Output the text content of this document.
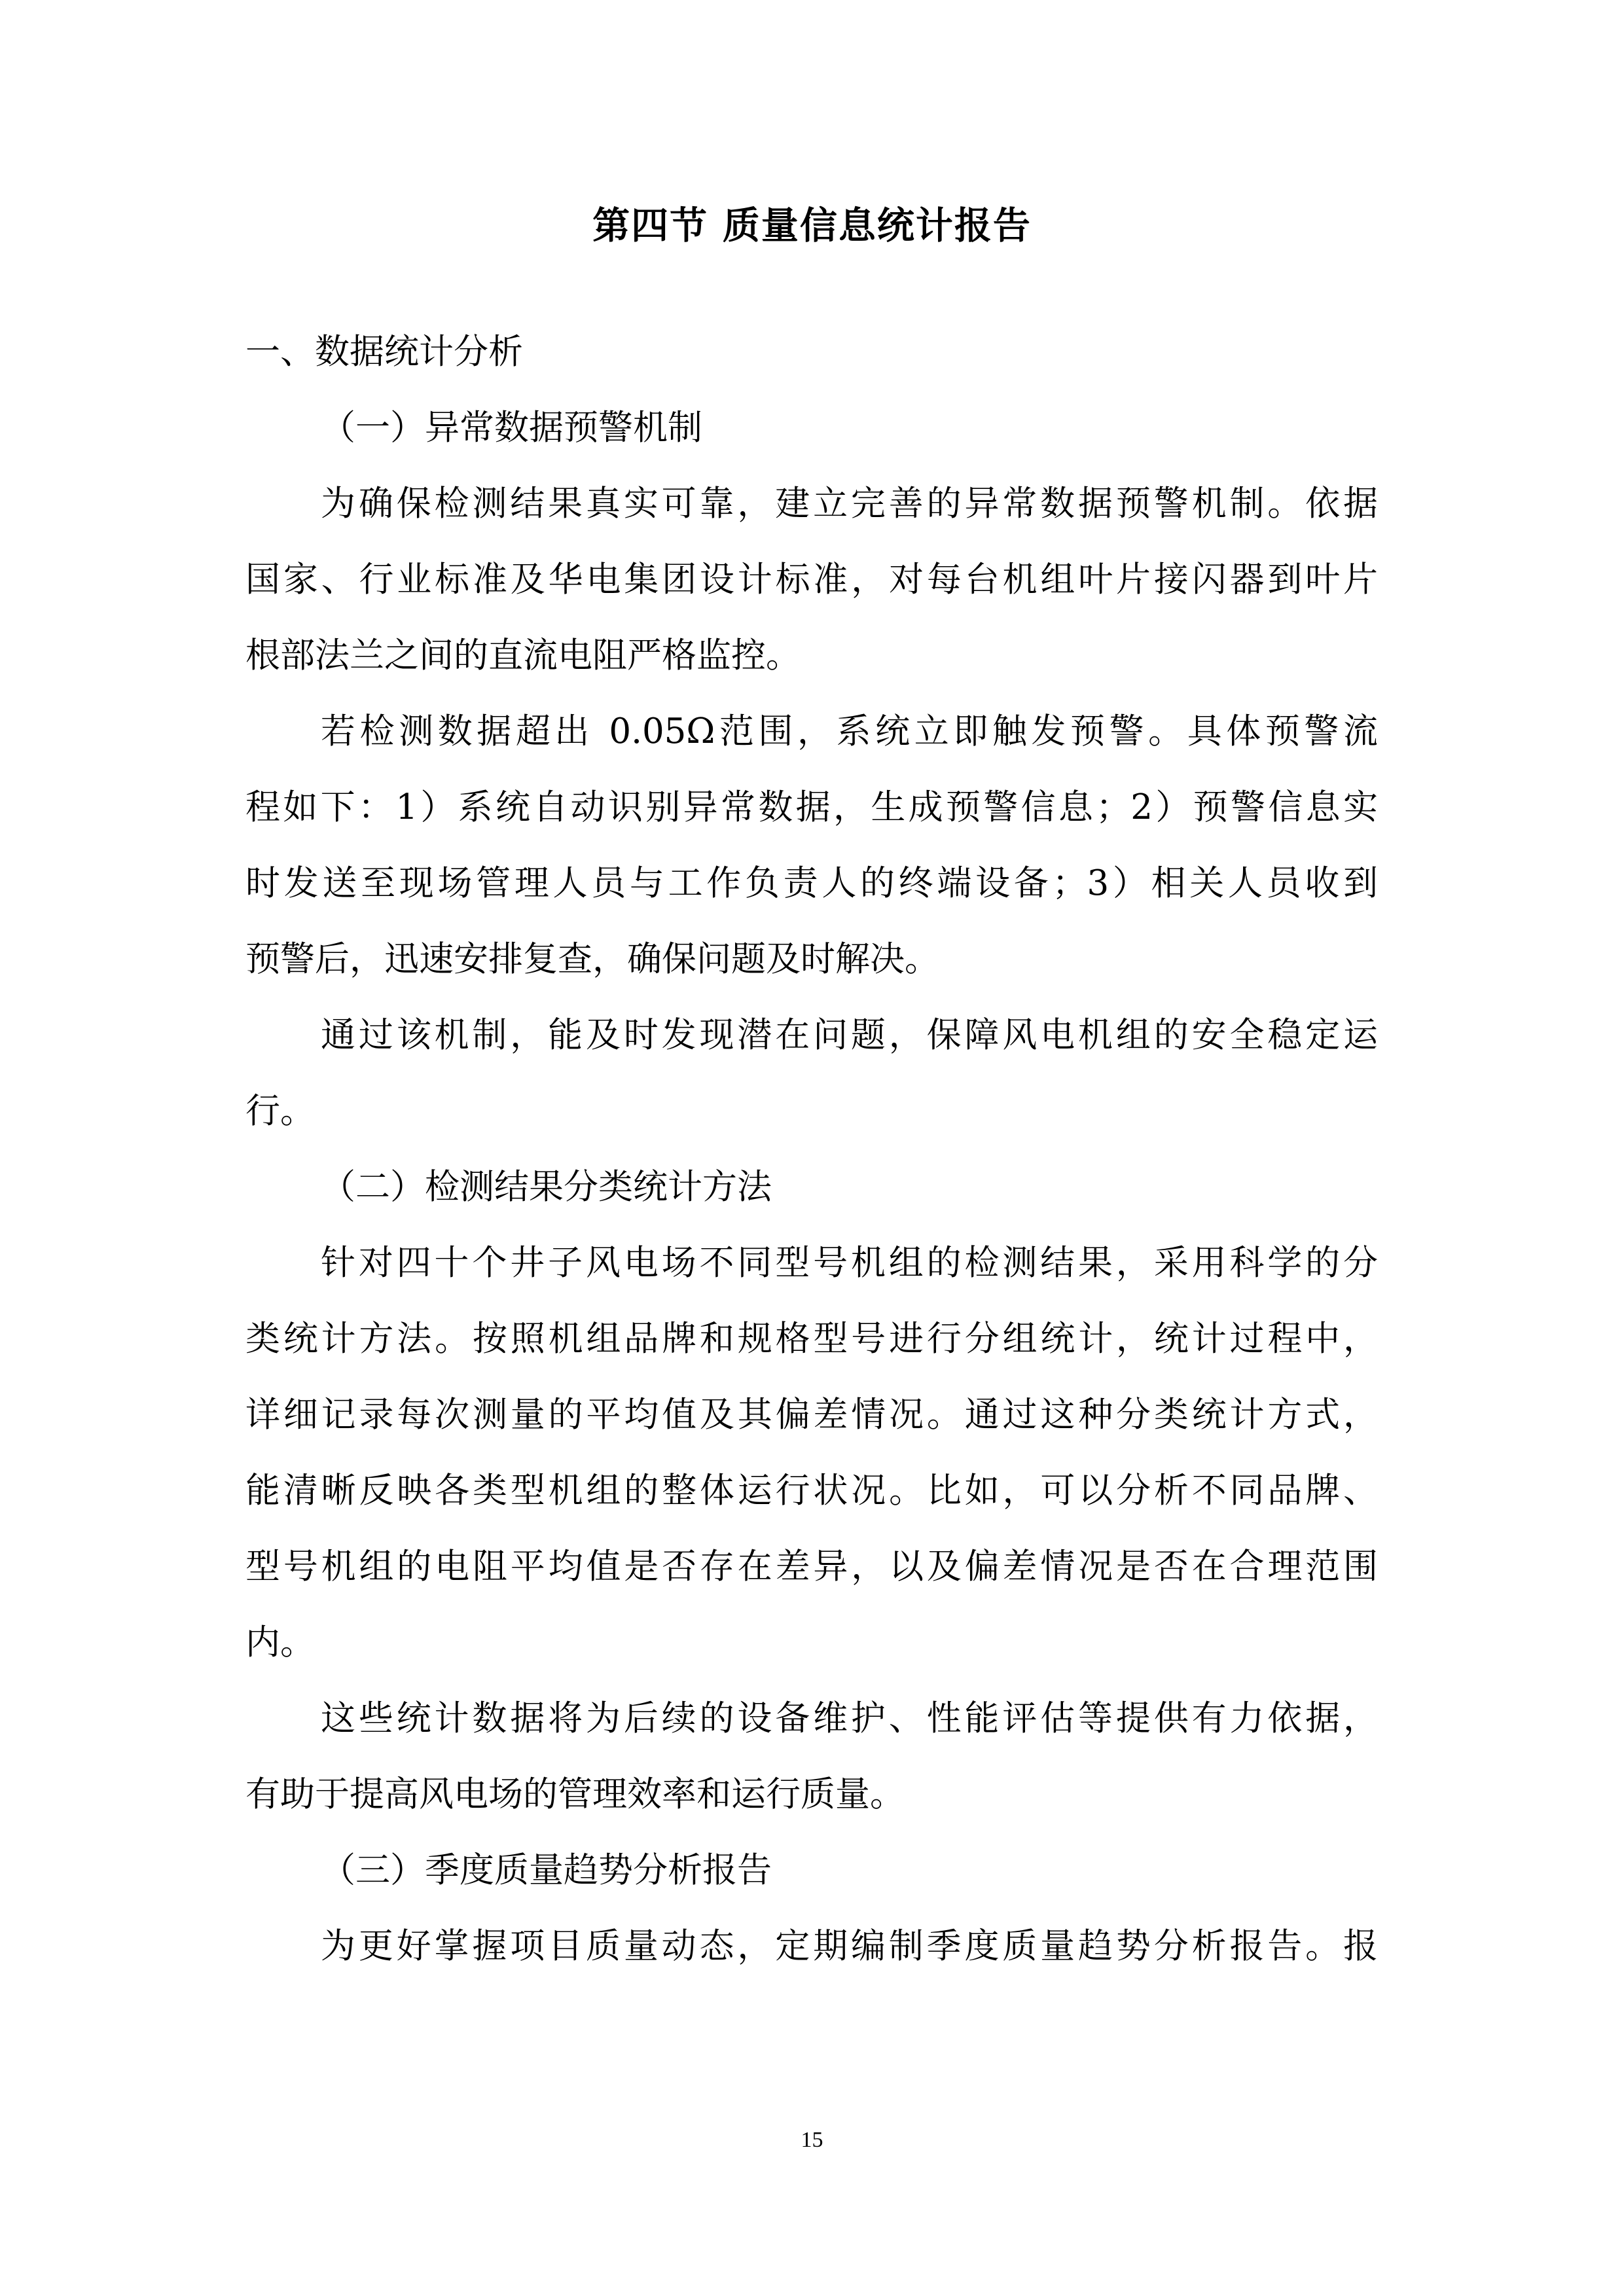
第四节 质量信息统计报告
一、数据统计分析
（一）异常数据预警机制
为确保检测结果真实可靠，建立完善的异常数据预警机制。依据
国家、行业标准及华电集团设计标准，对每台机组叶片接闪器到叶片
根部法兰之间的直流电阻严格监控。
若检测数据超出 0.05Ω范围，系统立即触发预警。具体预警流
程如下：1）系统自动识别异常数据，生成预警信息；2）预警信息实
时发送至现场管理人员与工作负责人的终端设备；3）相关人员收到
预警后，迅速安排复查，确保问题及时解决。
通过该机制，能及时发现潜在问题，保障风电机组的安全稳定运
行。
（二）检测结果分类统计方法
针对四十个井子风电场不同型号机组的检测结果，采用科学的分
类统计方法。按照机组品牌和规格型号进行分组统计，统计过程中，
详细记录每次测量的平均值及其偏差情况。通过这种分类统计方式，
能清晰反映各类型机组的整体运行状况。比如，可以分析不同品牌、
型号机组的电阻平均值是否存在差异，以及偏差情况是否在合理范围
内。
这些统计数据将为后续的设备维护、性能评估等提供有力依据，
有助于提高风电场的管理效率和运行质量。
（三）季度质量趋势分析报告
为更好掌握项目质量动态，定期编制季度质量趋势分析报告。报
15
